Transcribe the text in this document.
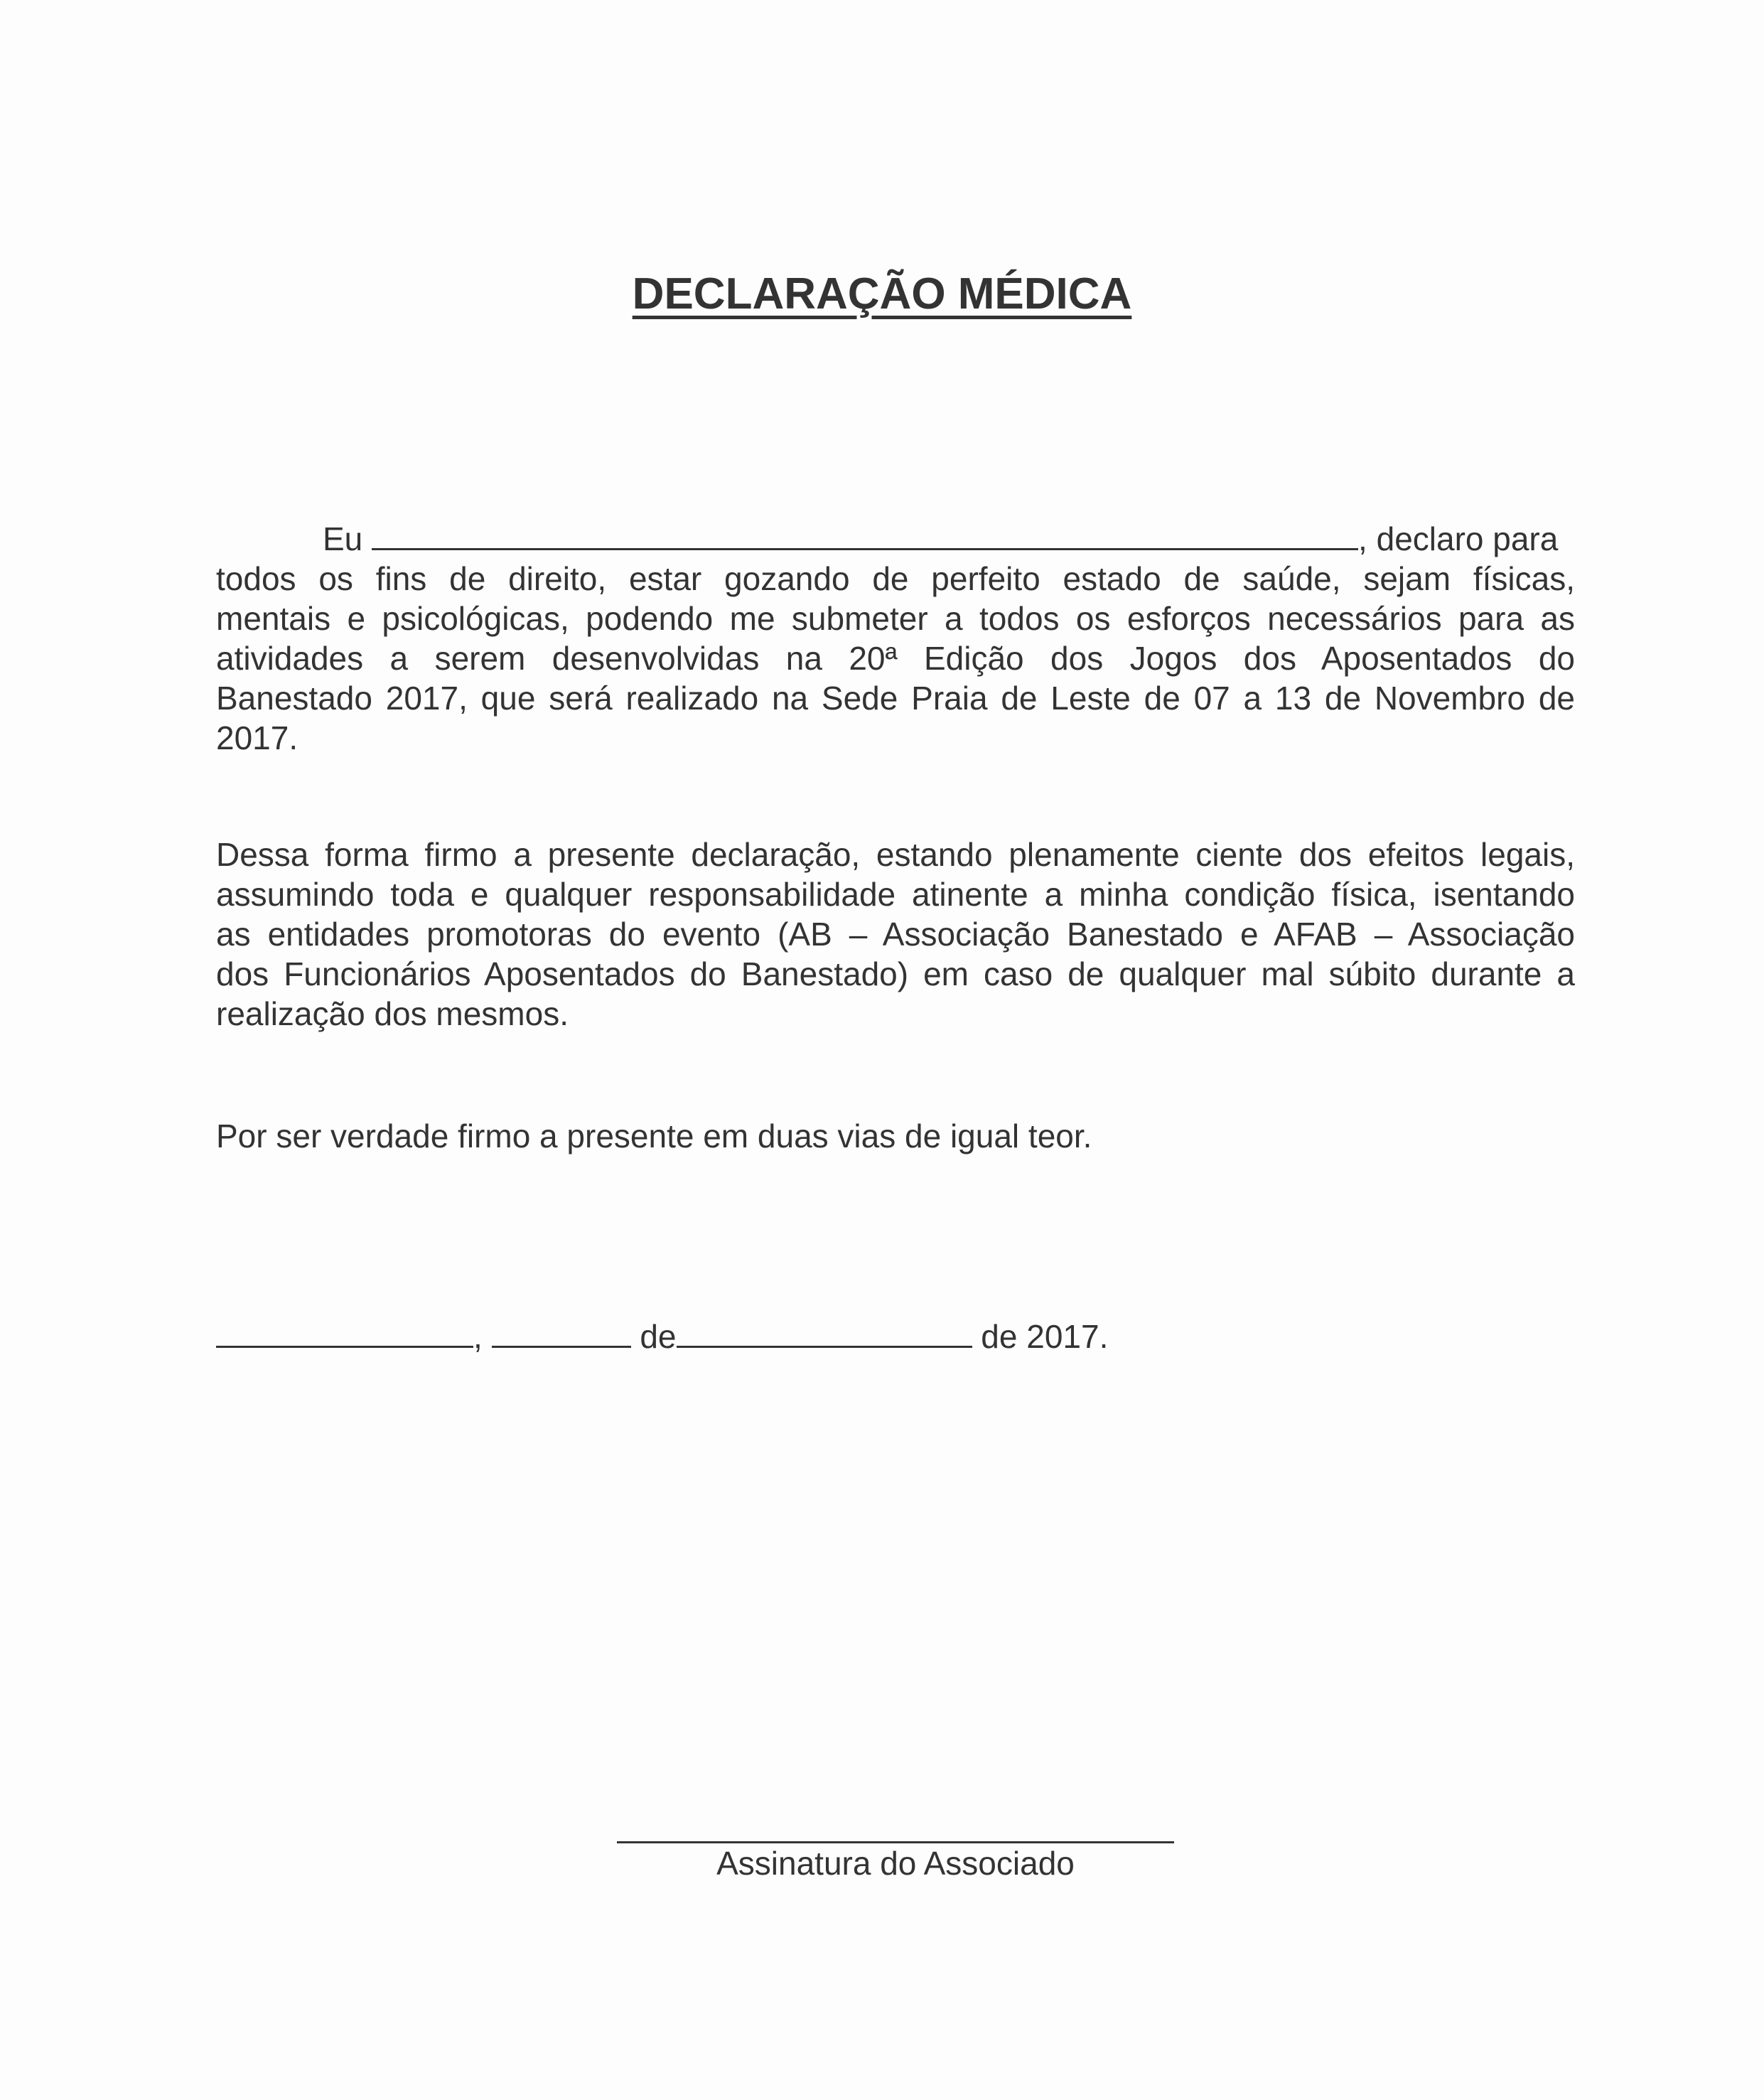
DECLARAÇÃO MÉDICA
Eu	, declaro para
todos os fins de direito, estar gozando de perfeito estado de saúde, sejam físicas,
mentais e psicológicas, podendo me submeter a todos os esforços necessários para as
atividades a serem desenvolvidas na 20ª Edição dos Jogos dos Aposentados do
Banestado 2017, que será realizado na Sede Praia de Leste de 07 a 13 de Novembro de
2017.
Dessa forma firmo a presente declaração, estando plenamente ciente dos efeitos legais,
assumindo toda e qualquer responsabilidade atinente a minha condição física, isentando
as entidades promotoras do evento (AB – Associação Banestado e AFAB – Associação
dos Funcionários Aposentados do Banestado) em caso de qualquer mal súbito durante a
realização dos mesmos.
Por ser verdade firmo a presente em duas vias de igual teor.
,	de	de 2017.
Assinatura do Associado
